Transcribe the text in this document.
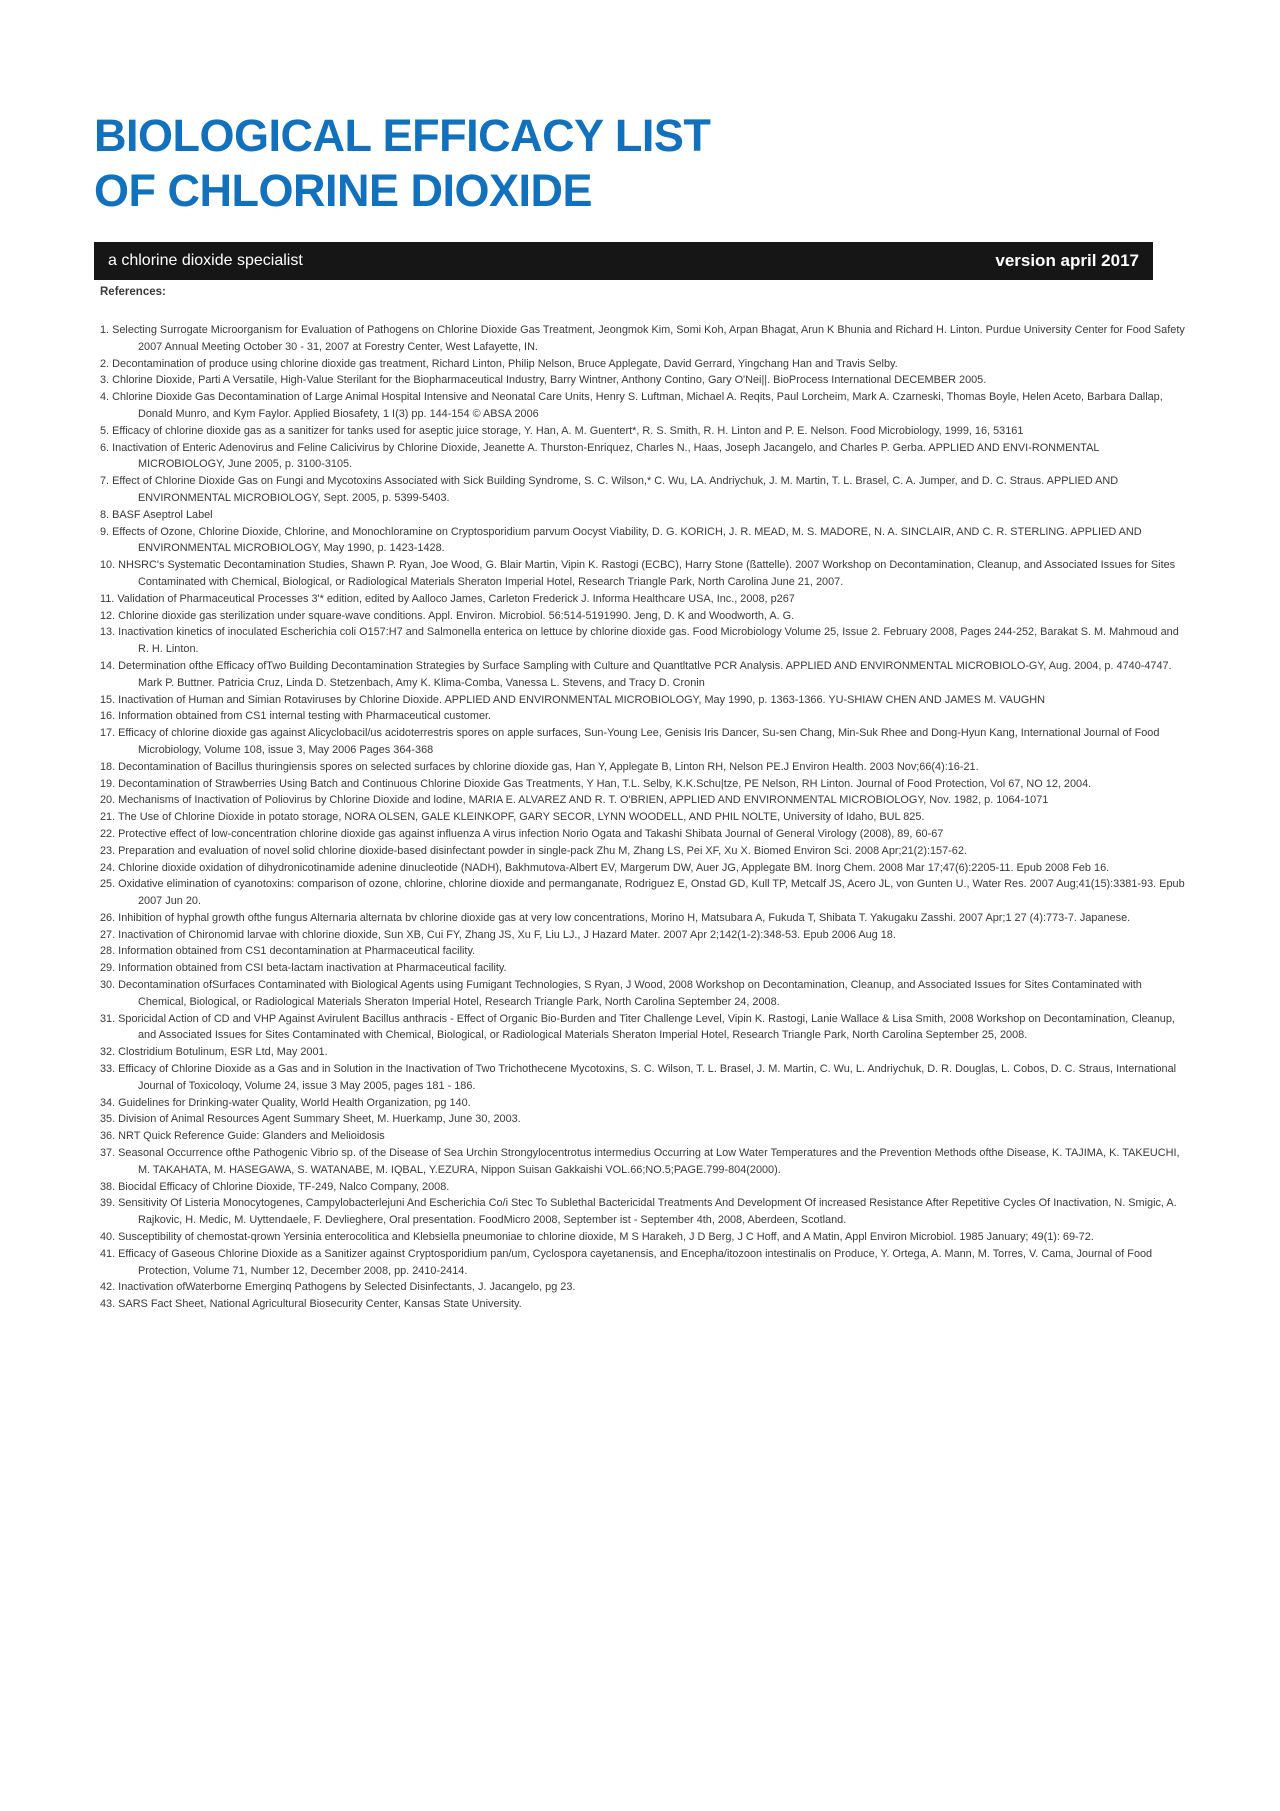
BIOLOGICAL EFFICACY LIST
OF CHLORINE DIOXIDE
a chlorine dioxide specialist	version april 2017
References:
1. Selecting Surrogate Microorganism for Evaluation of Pathogens on Chlorine Dioxide Gas Treatment, Jeongmok Kim, Somi Koh, Arpan Bhagat, Arun K Bhunia and Richard H. Linton. Purdue University Center for Food Safety 2007 Annual Meeting October 30 - 31, 2007 at Forestry Center, West Lafayette, IN.
2. Decontamination of produce using chlorine dioxide gas treatment, Richard Linton, Philip Nelson, Bruce Applegate, David Gerrard, Yingchang Han and Travis Selby.
3. Chlorine Dioxide, Parti A Versatile, High-Value Sterilant for the Biopharmaceutical Industry, Barry Wintner, Anthony Contino, Gary O'Nei||. BioProcess International DECEMBER 2005.
4. Chlorine Dioxide Gas Decontamination of Large Animal Hospital Intensive and Neonatal Care Units, Henry S. Luftman, Michael A. Reqits, Paul Lorcheim, Mark A. Czarneski, Thomas Boyle, Helen Aceto, Barbara Dallap, Donald Munro, and Kym Faylor. Applied Biosafety, 1 I(3) pp. 144-154 © ABSA 2006
5. Efficacy of chlorine dioxide gas as a sanitizer for tanks used for aseptic juice storage, Y. Han, A. M. Guentert*, R. S. Smith, R. H. Linton and P. E. Nelson. Food Microbiology, 1999, 16, 53161
6. Inactivation of Enteric Adenovirus and Feline Calicivirus by Chlorine Dioxide, Jeanette A. Thurston-Enriquez, Charles N., Haas, Joseph Jacangelo, and Charles P. Gerba. APPLIED AND ENVI-RONMENTAL MICROBIOLOGY, June 2005, p. 3100-3105.
7. Effect of Chlorine Dioxide Gas on Fungi and Mycotoxins Associated with Sick Building Syndrome, S. C. Wilson,* C. Wu, LA. Andriychuk, J. M. Martin, T. L. Brasel, C. A. Jumper, and D. C. Straus. APPLIED AND ENVIRONMENTAL MICROBIOLOGY, Sept. 2005, p. 5399-5403.
8. BASF Aseptrol Label
9. Effects of Ozone, Chlorine Dioxide, Chlorine, and Monochloramine on Cryptosporidium parvum Oocyst Viability, D. G. KORICH, J. R. MEAD, M. S. MADORE, N. A. SINCLAIR, AND C. R. STERLING. APPLIED AND ENVIRONMENTAL MICROBIOLOGY, May 1990, p. 1423-1428.
10. NHSRC's Systematic Decontamination Studies, Shawn P. Ryan, Joe Wood, G. Blair Martin, Vipin K. Rastogi (ECBC), Harry Stone (ßattelle). 2007 Workshop on Decontamination, Cleanup, and Associated Issues for Sites Contaminated with Chemical, Biological, or Radiological Materials Sheraton Imperial Hotel, Research Triangle Park, North Carolina June 21, 2007.
11. Validation of Pharmaceutical Processes 3'* edition, edited by Aalloco James, Carleton Frederick J. Informa Healthcare USA, Inc., 2008, p267
12. Chlorine dioxide gas sterilization under square-wave conditions. Appl. Environ. Microbiol. 56:514-5191990. Jeng, D. K and Woodworth, A. G.
13. Inactivation kinetics of inoculated Escherichia coli O157:H7 and Salmonella enterica on lettuce by chlorine dioxide gas. Food Microbiology Volume 25, Issue 2. February 2008, Pages 244-252, Barakat S. M. Mahmoud and R. H. Linton.
14. Determination ofthe Efficacy ofTwo Building Decontamination Strategies by Surface Sampling with Culture and Quantltatlve PCR Analysis. APPLIED AND ENVIRONMENTAL MICROBIOLO-GY, Aug. 2004, p. 4740-4747. Mark P. Buttner. Patricia Cruz, Linda D. Stetzenbach, Amy K. Klima-Comba, Vanessa L. Stevens, and Tracy D. Cronin
15. Inactivation of Human and Simian Rotaviruses by Chlorine Dioxide. APPLIED AND ENVIRONMENTAL MICROBIOLOGY, May 1990, p. 1363-1366. YU-SHIAW CHEN AND JAMES M. VAUGHN
16. Information obtained from CS1 internal testing with Pharmaceutical customer.
17. Efficacy of chlorine dioxide gas against Alicyclobacil/us acidoterrestris spores on apple surfaces, Sun-Young Lee, Genisis Iris Dancer, Su-sen Chang, Min-Suk Rhee and Dong-Hyun Kang, International Journal of Food Microbiology, Volume 108, issue 3, May 2006 Pages 364-368
18. Decontamination of Bacillus thuringiensis spores on selected surfaces by chlorine dioxide gas, Han Y, Applegate B, Linton RH, Nelson PE.J Environ Health. 2003 Nov;66(4):16-21.
19. Decontamination of Strawberries Using Batch and Continuous Chlorine Dioxide Gas Treatments, Y Han, T.L. Selby, K.K.Schu|tze, PE Nelson, RH Linton. Journal of Food Protection, Vol 67, NO 12, 2004.
20. Mechanisms of Inactivation of Poliovirus by Chlorine Dioxide and lodine, MARIA E. ALVAREZ AND R. T. O'BRIEN, APPLIED AND ENVIRONMENTAL MICROBIOLOGY, Nov. 1982, p. 1064-1071
21. The Use of Chlorine Dioxide in potato storage, NORA OLSEN, GALE KLEINKOPF, GARY SECOR, LYNN WOODELL, AND PHIL NOLTE, University of Idaho, BUL 825.
22. Protective effect of low-concentration chlorine dioxide gas against influenza A virus infection Norio Ogata and Takashi Shibata Journal of General Virology (2008), 89, 60-67
23. Preparation and evaluation of novel solid chlorine dioxide-based disinfectant powder in single-pack Zhu M, Zhang LS, Pei XF, Xu X. Biomed Environ Sci. 2008 Apr;21(2):157-62.
24. Chlorine dioxide oxidation of dihydronicotinamide adenine dinucleotide (NADH), Bakhmutova-Albert EV, Margerum DW, Auer JG, Applegate BM. Inorg Chem. 2008 Mar 17;47(6):2205-11. Epub 2008 Feb 16.
25. Oxidative elimination of cyanotoxins: comparison of ozone, chlorine, chlorine dioxide and permanganate, Rodriguez E, Onstad GD, Kull TP, Metcalf JS, Acero JL, von Gunten U., Water Res. 2007 Aug;41(15):3381-93. Epub 2007 Jun 20.
26. Inhibition of hyphal growth ofthe fungus Alternaria alternata bv chlorine dioxide gas at very low concentrations, Morino H, Matsubara A, Fukuda T, Shibata T. Yakugaku Zasshi. 2007 Apr;1 27 (4):773-7. Japanese.
27. Inactivation of Chironomid larvae with chlorine dioxide, Sun XB, Cui FY, Zhang JS, Xu F, Liu LJ., J Hazard Mater. 2007 Apr 2;142(1-2):348-53. Epub 2006 Aug 18.
28. Information obtained from CS1 decontamination at Pharmaceutical facility.
29. Information obtained from CSI beta-lactam inactivation at Pharmaceutical facility.
30. Decontamination ofSurfaces Contaminated with Biological Agents using Fumigant Technologies, S Ryan, J Wood, 2008 Workshop on Decontamination, Cleanup, and Associated Issues for Sites Contaminated with Chemical, Biological, or Radiological Materials Sheraton Imperial Hotel, Research Triangle Park, North Carolina September 24, 2008.
31. Sporicidal Action of CD and VHP Against Avirulent Bacillus anthracis - Effect of Organic Bio-Burden and Titer Challenge Level, Vipin K. Rastogi, Lanie Wallace & Lisa Smith, 2008 Workshop on Decontamination, Cleanup, and Associated Issues for Sites Contaminated with Chemical, Biological, or Radiological Materials Sheraton Imperial Hotel, Research Triangle Park, North Carolina September 25, 2008.
32. Clostridium Botulinum, ESR Ltd, May 2001.
33. Efficacy of Chlorine Dioxide as a Gas and in Solution in the Inactivation of Two Trichothecene Mycotoxins, S. C. Wilson, T. L. Brasel, J. M. Martin, C. Wu, L. Andriychuk, D. R. Douglas, L. Cobos, D. C. Straus, International Journal of Toxicoloqy, Volume 24, issue 3 May 2005, pages 181 - 186.
34. Guidelines for Drinking-water Quality, World Health Organization, pg 140.
35. Division of Animal Resources Agent Summary Sheet, M. Huerkamp, June 30, 2003.
36. NRT Quick Reference Guide: Glanders and Melioidosis
37. Seasonal Occurrence ofthe Pathogenic Vibrio sp. of the Disease of Sea Urchin Strongylocentrotus intermedius Occurring at Low Water Temperatures and the Prevention Methods ofthe Disease, K. TAJIMA, K. TAKEUCHI, M. TAKAHATA, M. HASEGAWA, S. WATANABE, M. IQBAL, Y.EZURA, Nippon Suisan Gakkaishi VOL.66;NO.5;PAGE.799-804(2000).
38. Biocidal Efficacy of Chlorine Dioxide, TF-249, Nalco Company, 2008.
39. Sensitivity Of Listeria Monocytogenes, Campylobacterlejuni And Escherichia Co/i Stec To Sublethal Bactericidal Treatments And Development Of increased Resistance After Repetitive Cycles Of Inactivation, N. Smigic, A. Rajkovic, H. Medic, M. Uyttendaele, F. Devlieghere, Oral presentation. FoodMicro 2008, September ist - September 4th, 2008, Aberdeen, Scotland.
40. Susceptibility of chemostat-qrown Yersinia enterocolitica and Klebsiella pneumoniae to chlorine dioxide, M S Harakeh, J D Berg, J C Hoff, and A Matin, Appl Environ Microbiol. 1985 January; 49(1): 69-72.
41. Efficacy of Gaseous Chlorine Dioxide as a Sanitizer against Cryptosporidium pan/um, Cyclospora cayetanensis, and Encepha/itozoon intestinalis on Produce, Y. Ortega, A. Mann, M. Torres, V. Cama, Journal of Food Protection, Volume 71, Number 12, December 2008, pp. 2410-2414.
42. Inactivation ofWaterborne Emerginq Pathogens by Selected Disinfectants, J. Jacangelo, pg 23.
43. SARS Fact Sheet, National Agricultural Biosecurity Center, Kansas State University.
